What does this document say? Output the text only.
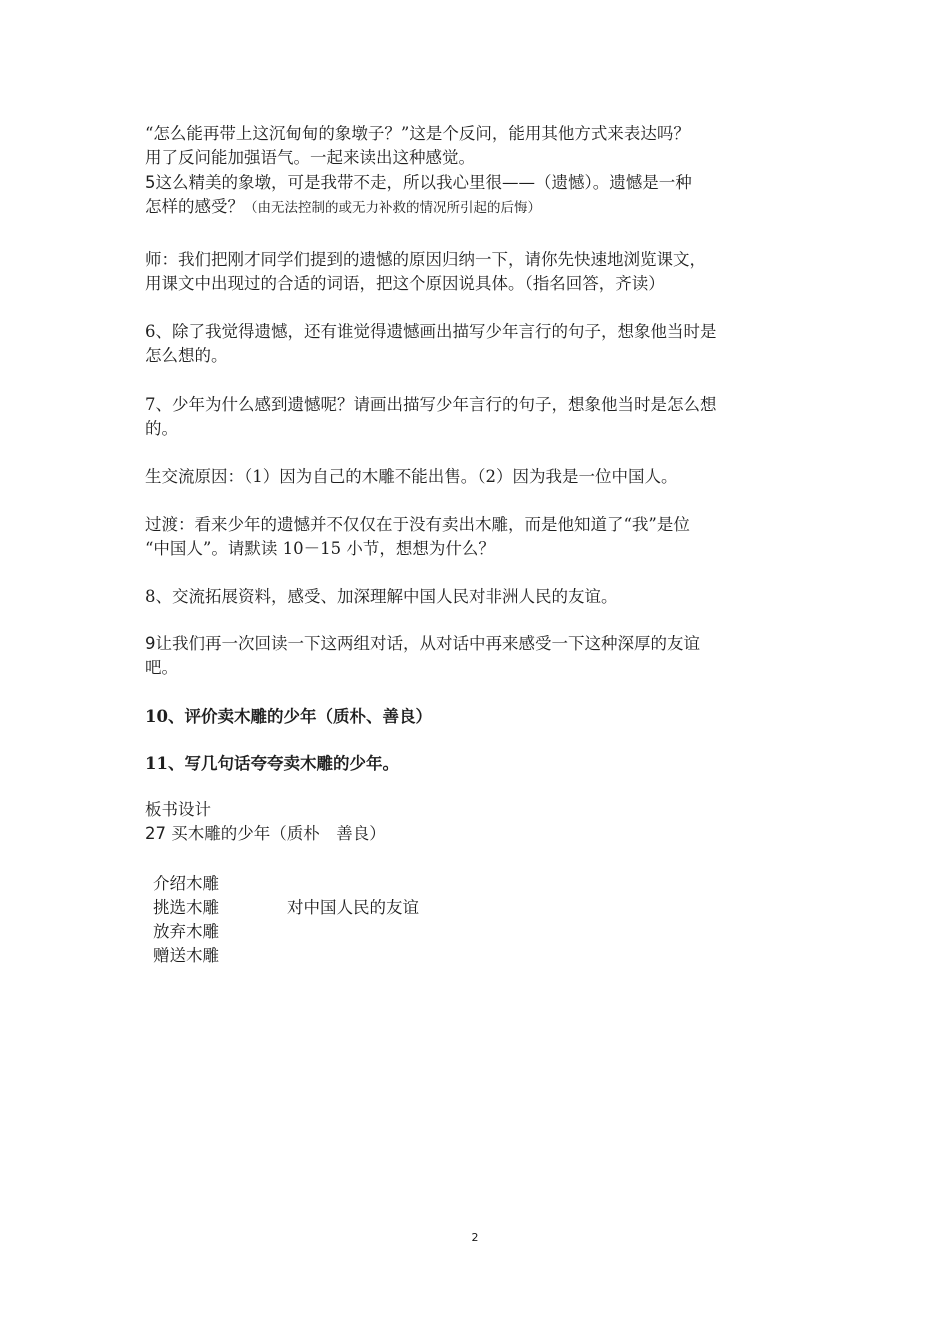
“怎么能再带上这沉甸甸的象墩子？”这是个反问，能用其他方式来表达吗？
用了反问能加强语气。一起来读出这种感觉。
5这么精美的象墩，可是我带不走，所以我心里很——（遗憾）。遗憾是一种
怎样的感受？（由无法控制的或无力补救的情况所引起的后悔）
师：我们把刚才同学们提到的遗憾的原因归纳一下，请你先快速地浏览课文，
用课文中出现过的合适的词语，把这个原因说具体。（指名回答，齐读）
6、除了我觉得遗憾，还有谁觉得遗憾画出描写少年言行的句子，想象他当时是
怎么想的。
7、少年为什么感到遗憾呢？请画出描写少年言行的句子，想象他当时是怎么想
的。
生交流原因：（1）因为自己的木雕不能出售。（2）因为我是一位中国人。
过渡：看来少年的遗憾并不仅仅在于没有卖出木雕，而是他知道了“我”是位
“中国人”。请默读 10－15 小节，想想为什么？
8、交流拓展资料，感受、加深理解中国人民对非洲人民的友谊。
9让我们再一次回读一下这两组对话，从对话中再来感受一下这种深厚的友谊
吧。
10、评价卖木雕的少年（质朴、善良）
11、写几句话夸夸卖木雕的少年。
板书设计
27 买木雕的少年（质朴　善良）
介绍木雕
挑选木雕
放弃木雕
赠送木雕
对中国人民的友谊
2
